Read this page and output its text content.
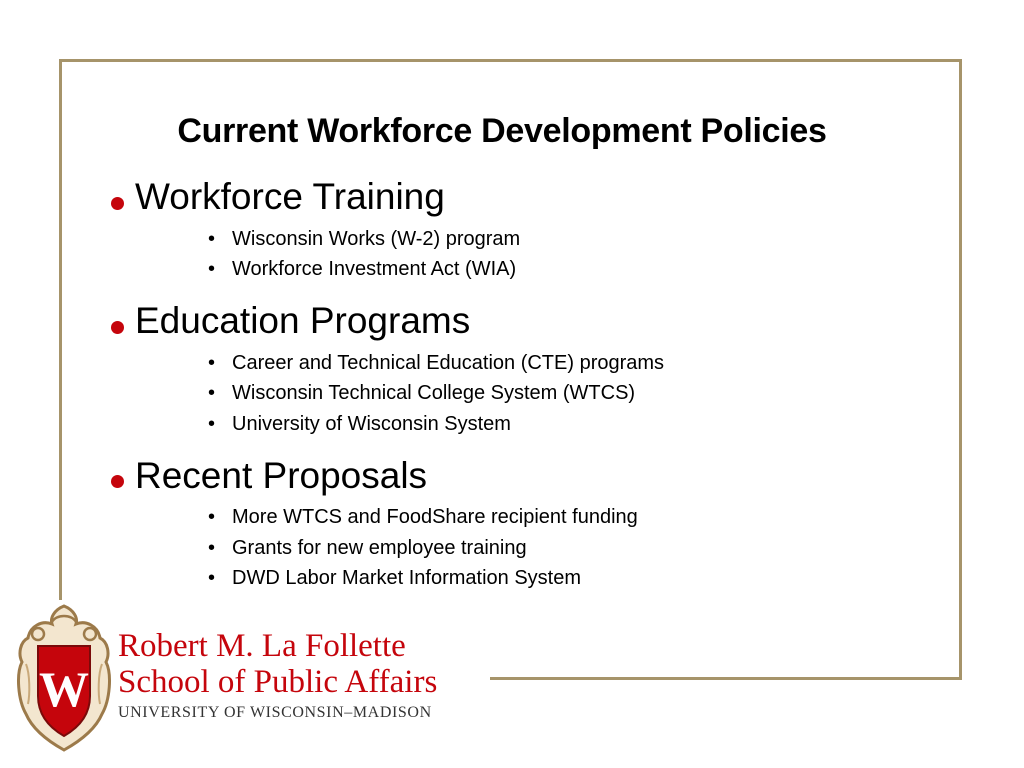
Current Workforce Development Policies
Workforce Training
• Wisconsin Works (W-2) program
• Workforce Investment Act (WIA)
Education Programs
• Career and Technical Education (CTE) programs
• Wisconsin Technical College System (WTCS)
• University of Wisconsin System
Recent Proposals
• More WTCS and FoodShare recipient funding
• Grants for new employee training
• DWD Labor Market Information System
W
Robert M. La Follette
School of Public Affairs
UNIVERSITY OF WISCONSIN–MADISON
